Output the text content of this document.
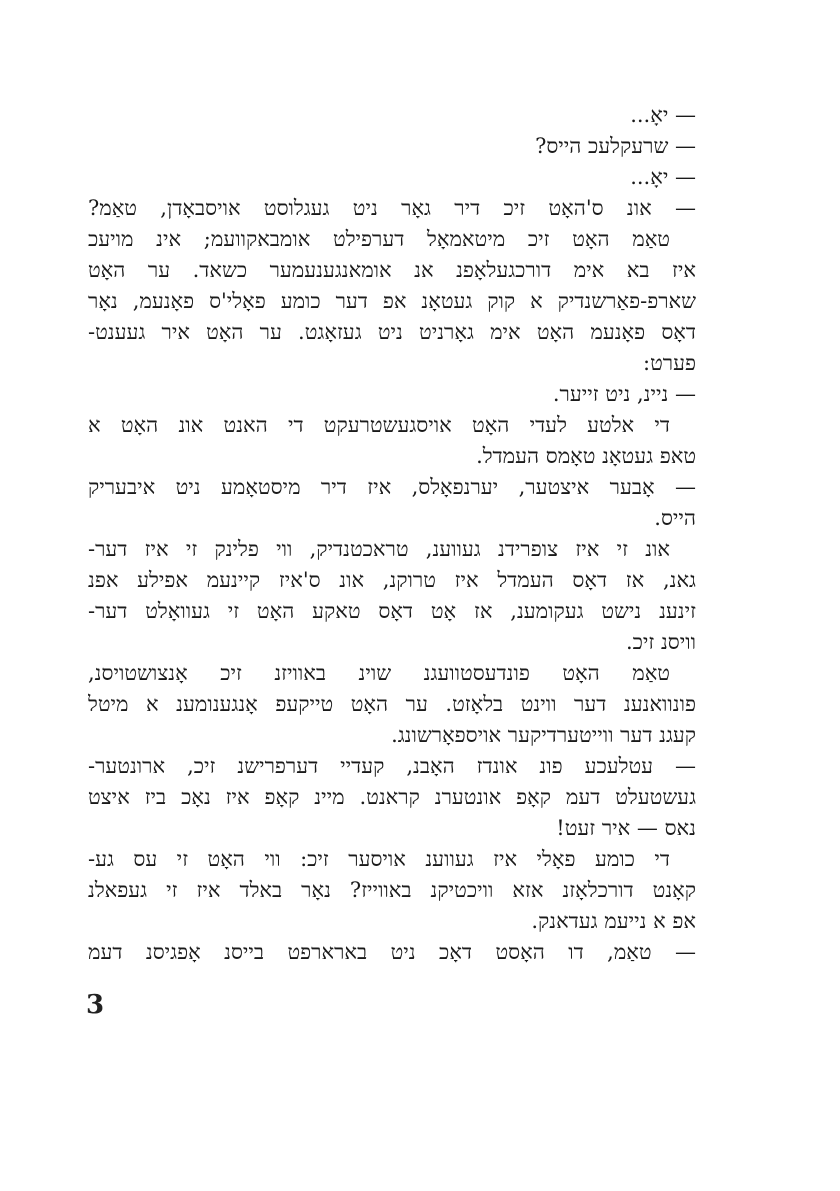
— יאָ...
— שרעקלעכ הייס?
— יאָ...
— אונ ס'האָט זיכ דיר גאָר ניט געגלוסט אויסבאָדן, טאַמ?
טאַמ האָט זיכ מיטאמאָל דערפילט אומבאקוועמ; אינ מויעכ
איז בא אימ דורכגעלאָפנ אנ אומאנגענעמער כשאד. ער האָט
שארפ-פאַרשנדיק א קוק געטאָנ אפ דער כומע פאָלי'ס פאָנעמ, נאָר
דאָס פאָנעמ האָט אימ גאָרניט ניט געזאָגט. ער האָט איר געענט-
פערט:
— ניינ, ניט זייער.
די אלטע לעדי האָט אויסגעשטרעקט די האנט אונ האָט א
טאפ געטאָנ טאָמס העמדל.
— אָבער איצטער, יערנפאָלס, איז דיר מיסטאָמע ניט איבעריק
הייס.
אונ זי איז צופרידנ געווענ, טראכטנדיק, ווי פלינק זי איז דער-
גאנ, אז דאָס העמדל איז טרוקנ, אונ ס'איז קיינעמ אפילע אפנ
זינענ נישט געקומענ, אז אָט דאָס טאקע האָט זי געוואָלט דער-
וויסנ זיכ.
טאַמ האָט פונדעסטוועגנ שוינ באוויזנ זיכ אָנצושטויסנ,
פונוואנענ דער ווינט בלאָזט. ער האָט טייקעפ אָנגענומענ א מיטל
קעגנ דער ווייטערדיקער אויספאָרשונג.
— עטלעכע פונ אונדז האָבנ, קעדיי דערפרישנ זיכ, ארונטער-
געשטעלט דעמ קאָפ אונטערנ קראנט. מיינ קאָפ איז נאָכ ביז איצט
נאס — איר זעט!
די כומע פאָלי איז געווענ אויסער זיכ: ווי האָט זי עס גע-
קאָנט דורכלאָזנ אזא וויכטיקנ באווייז? נאָר באלד איז זי געפאלנ
אפ א נייעמ געדאנק.
— טאַמ, דו האָסט דאָכ ניט בארארפט בייסנ אָפגיסנ דעמ
3
